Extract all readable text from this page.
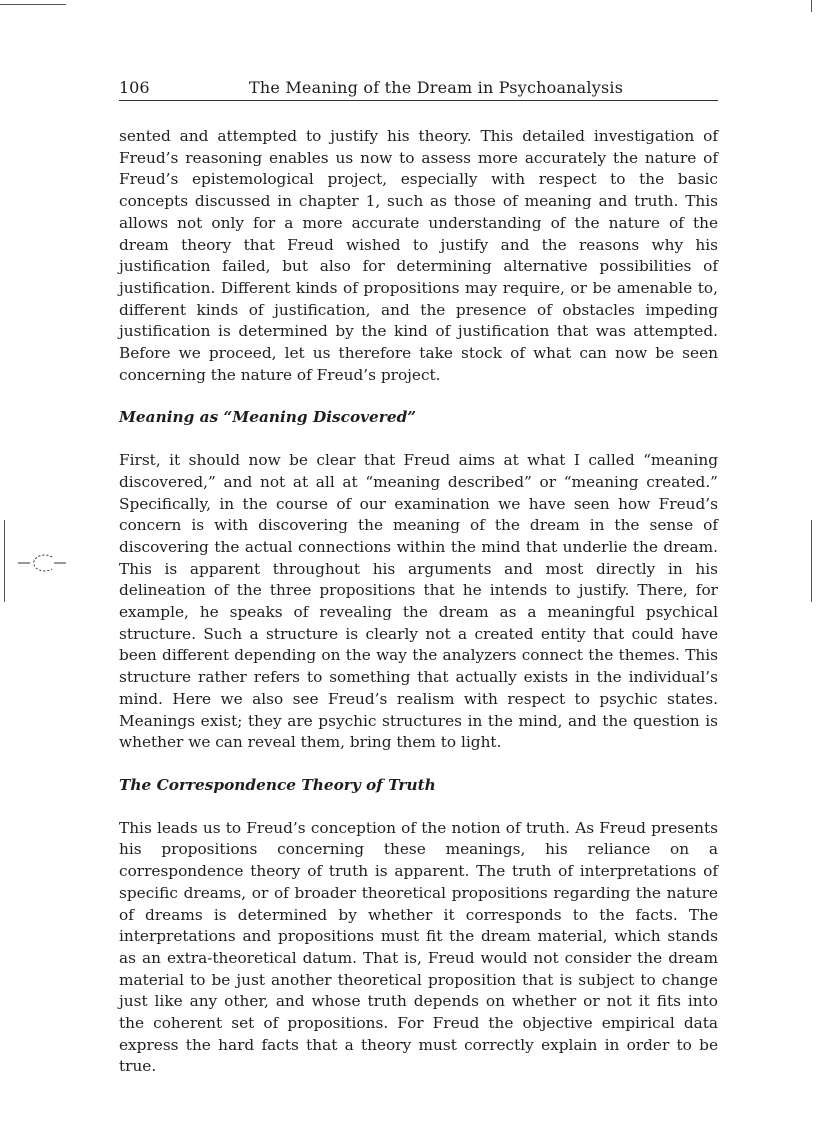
106	The Meaning of the Dream in Psychoanalysis

sented and attempted to justify his theory. This detailed investigation of Freud’s reasoning enables us now to assess more accurately the nature of Freud’s epistemological project, especially with respect to the basic concepts discussed in chapter 1, such as those of meaning and truth. This allows not only for a more accurate understanding of the nature of the dream theory that Freud wished to justify and the reasons why his justification failed, but also for determining alternative possibilities of justification. Different kinds of propositions may require, or be amenable to, different kinds of justification, and the presence of obstacles impeding justification is determined by the kind of justification that was attempted. Before we proceed, let us therefore take stock of what can now be seen concerning the nature of Freud’s project.

Meaning as “Meaning Discovered”

First, it should now be clear that Freud aims at what I called “meaning discovered,” and not at all at “meaning described” or “meaning created.” Specifically, in the course of our examination we have seen how Freud’s concern is with discovering the meaning of the dream in the sense of discovering the actual connections within the mind that underlie the dream. This is apparent throughout his arguments and most directly in his delineation of the three propositions that he intends to justify. There, for example, he speaks of revealing the dream as a meaningful psychical structure. Such a structure is clearly not a created entity that could have been different depending on the way the analyzers connect the themes. This structure rather refers to something that actually exists in the individual’s mind. Here we also see Freud’s realism with respect to psychic states. Meanings exist; they are psychic structures in the mind, and the question is whether we can reveal them, bring them to light.

The Correspondence Theory of Truth

This leads us to Freud’s conception of the notion of truth. As Freud presents his propositions concerning these meanings, his reliance on a correspondence theory of truth is apparent. The truth of interpretations of specific dreams, or of broader theoretical propositions regarding the nature of dreams is determined by whether it corresponds to the facts. The interpretations and propositions must fit the dream material, which stands as an extra-theoretical datum. That is, Freud would not consider the dream material to be just another theoretical proposition that is subject to change just like any other, and whose truth depends on whether or not it fits into the coherent set of propositions. For Freud the objective empirical data express the hard facts that a theory must correctly explain in order to be true.
